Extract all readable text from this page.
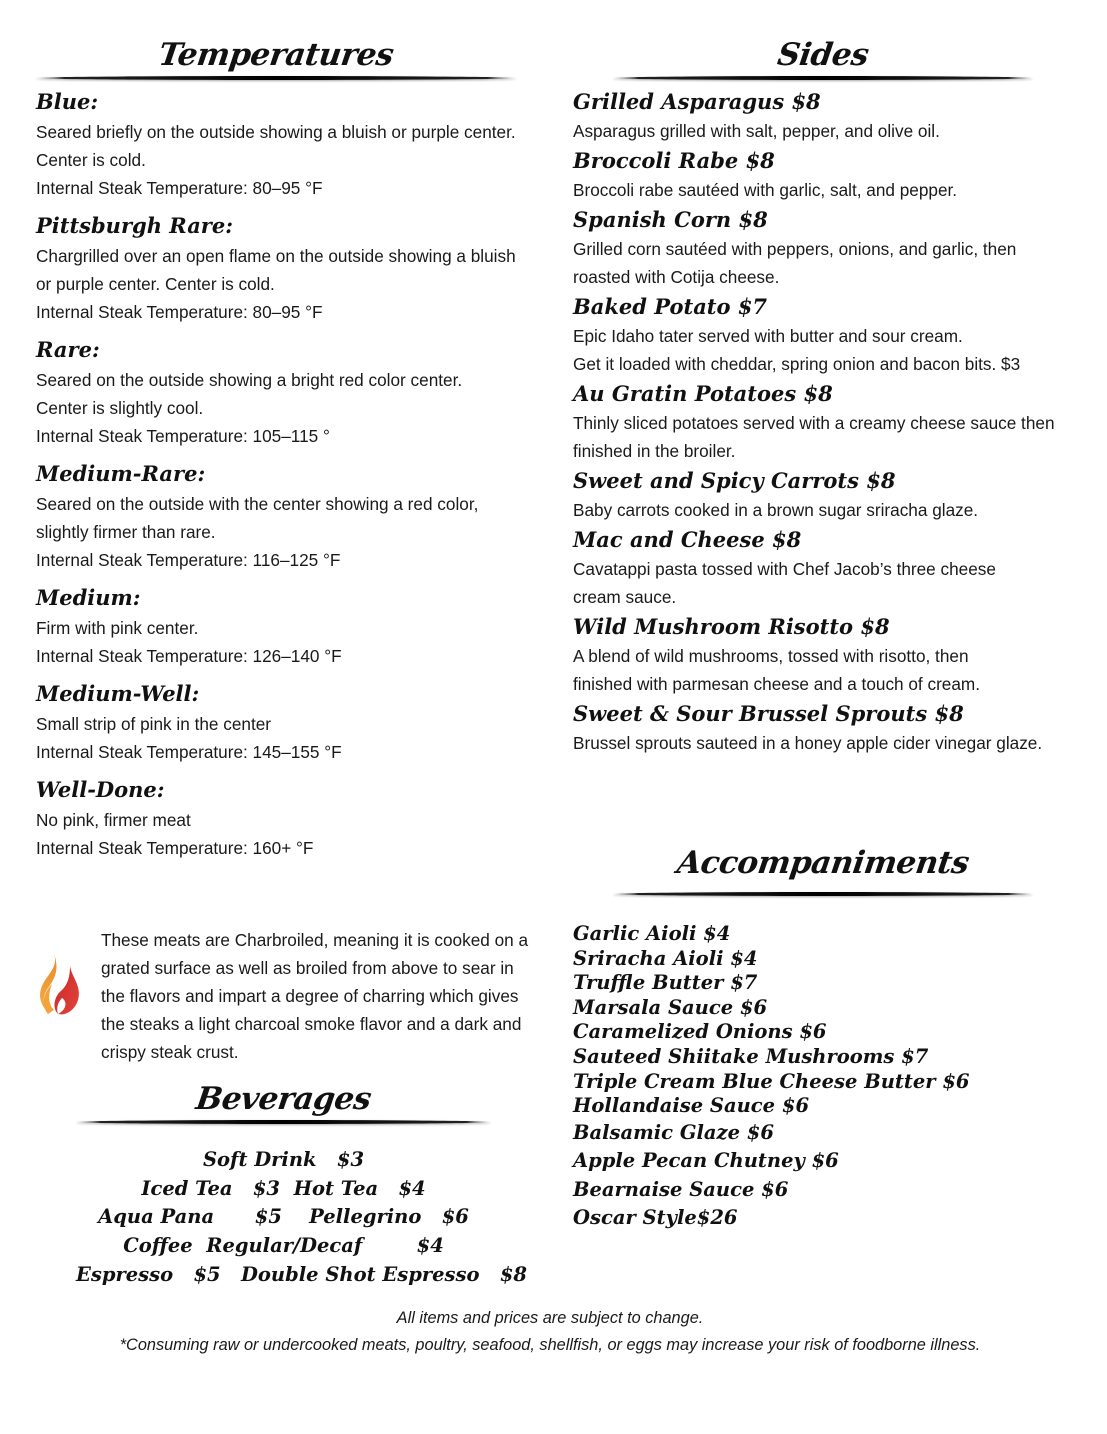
Temperatures
Blue:
Seared briefly on the outside showing a bluish or purple center. Center is cold.
Internal Steak Temperature: 80–95 °F
Pittsburgh Rare:
Chargrilled over an open flame on the outside showing a bluish or purple center. Center is cold.
Internal Steak Temperature: 80–95 °F
Rare:
Seared on the outside showing a bright red color center. Center is slightly cool.
Internal Steak Temperature: 105–115 °
Medium-Rare:
Seared on the outside with the center showing a red color, slightly firmer than rare.
Internal Steak Temperature: 116–125 °F
Medium:
Firm with pink center.
Internal Steak Temperature: 126–140 °F
Medium-Well:
Small strip of pink in the center
Internal Steak Temperature: 145–155 °F
Well-Done:
No pink, firmer meat
Internal Steak Temperature: 160+ °F
These meats are Charbroiled, meaning it is cooked on a grated surface as well as broiled from above to sear in the flavors and impart a degree of charring which gives the steaks a light charcoal smoke flavor and a dark and crispy steak crust.
Beverages
Soft Drink   $3
Iced Tea   $3  Hot Tea   $4
Aqua Pana      $5    Pellegrino   $6
Coffee  Regular/Decaf        $4
Espresso   $5   Double Shot Espresso   $8
Sides
Grilled Asparagus $8
Asparagus grilled with salt, pepper, and olive oil.
Broccoli Rabe $8
Broccoli rabe sautéed with garlic, salt, and pepper.
Spanish Corn $8
Grilled corn sautéed with peppers, onions, and garlic, then roasted with Cotija cheese.
Baked Potato $7
Epic Idaho tater served with butter and sour cream.
Get it loaded with cheddar, spring onion and bacon bits. $3
Au Gratin Potatoes $8
Thinly sliced potatoes served with a creamy cheese sauce then finished in the broiler.
Sweet and Spicy Carrots $8
Baby carrots cooked in a brown sugar sriracha glaze.
Mac and Cheese $8
Cavatappi pasta tossed with Chef Jacob’s three cheese cream sauce.
Wild Mushroom Risotto $8
A blend of wild mushrooms, tossed with risotto, then finished with parmesan cheese and a touch of cream.
Sweet & Sour Brussel Sprouts $8
Brussel sprouts sauteed in a honey apple cider vinegar glaze.
Accompaniments
Garlic Aioli $4
Sriracha Aioli $4
Truffle Butter $7
Marsala Sauce $6
Caramelized Onions $6
Sauteed Shiitake Mushrooms $7
Triple Cream Blue Cheese Butter $6
Hollandaise Sauce $6
Balsamic Glaze $6
Apple Pecan Chutney $6
Bearnaise Sauce $6
Oscar Style$26
All items and prices are subject to change.
*Consuming raw or undercooked meats, poultry, seafood, shellfish, or eggs may increase your risk of foodborne illness.
